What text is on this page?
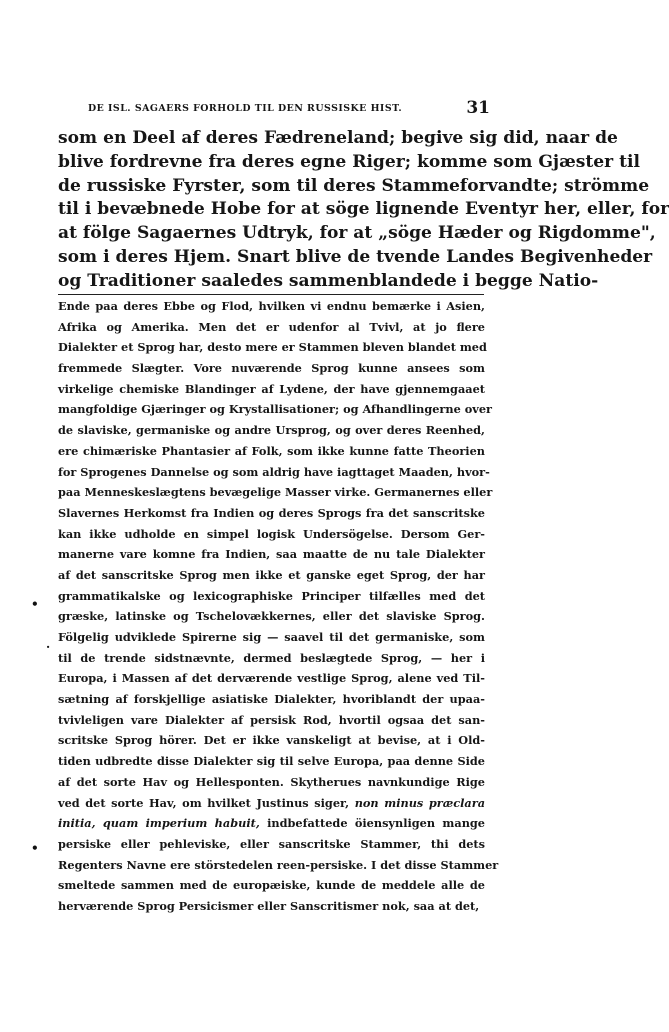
DE ISL. SAGAERS FORHOLD TIL DEN RUSSISKE HIST.	31
som en Deel af deres Fædreneland; begive sig did, naar de
blive fordrevne fra deres egne Riger; komme som Gjæster til
de russiske Fyrster, som til deres Stammeforvandte; strömme
til i bevæbnede Hobe for at söge lignende Eventyr her, eller, for
at fölge Sagaernes Udtryk, for at „söge Hæder og Rigdomme",
som i deres Hjem. Snart blive de tvende Landes Begivenheder
og Traditioner saaledes sammenblandede i begge Natio-
Ende paa deres Ebbe og Flod, hvilken vi endnu bemærke i Asien,
Afrika og Amerika. Men det er udenfor al Tvivl, at jo flere
Dialekter et Sprog har, desto mere er Stammen bleven blandet med
fremmede Slægter. Vore nuværende Sprog kunne ansees som
virkelige chemiske Blandinger af Lydene, der have gjennemgaaet
mangfoldige Gjæringer og Krystallisationer; og Afhandlingerne over
de slaviske, germaniske og andre Ursprog, og over deres Reenhed,
ere chimæriske Phantasier af Folk, som ikke kunne fatte Theorien
for Sprogenes Dannelse og som aldrig have iagttaget Maaden, hvor-
paa Menneskeslægtens bevægelige Masser virke. Germanernes eller
Slavernes Herkomst fra Indien og deres Sprogs fra det sanscritske
kan ikke udholde en simpel logisk Undersögelse. Dersom Ger-
manerne vare komne fra Indien, saa maatte de nu tale Dialekter
af det sanscritske Sprog men ikke et ganske eget Sprog, der har
grammatikalske og lexicographiske Principer tilfælles med det
græske, latinske og Tschelovækkernes, eller det slaviske Sprog.
Fölgelig udviklede Spirerne sig — saavel til det germaniske, som
til de trende sidstnævnte, dermed beslægtede Sprog, — her i
Europa, i Massen af det derværende vestlige Sprog, alene ved Til-
sætning af forskjellige asiatiske Dialekter, hvoriblandt der upaa-
tvivleligen vare Dialekter af persisk Rod, hvortil ogsaa det san-
scritske Sprog hörer. Det er ikke vanskeligt at bevise, at i Old-
tiden udbredte disse Dialekter sig til selve Europa, paa denne Side
af det sorte Hav og Hellesponten. Skytherues navnkundige Rige
ved det sorte Hav, om hvilket Justinus siger, non minus præclara
initia, quam imperium habuit, indbefattede öiensynligen mange
persiske eller pehleviske, eller sanscritske Stammer, thi dets
Regenters Navne ere störstedelen reen-persiske. I det disse Stammer
smeltede sammen med de europæiske, kunde de meddele alle de
herværende Sprog Persicismer eller Sanscritismer nok, saa at det,
•
.
•
